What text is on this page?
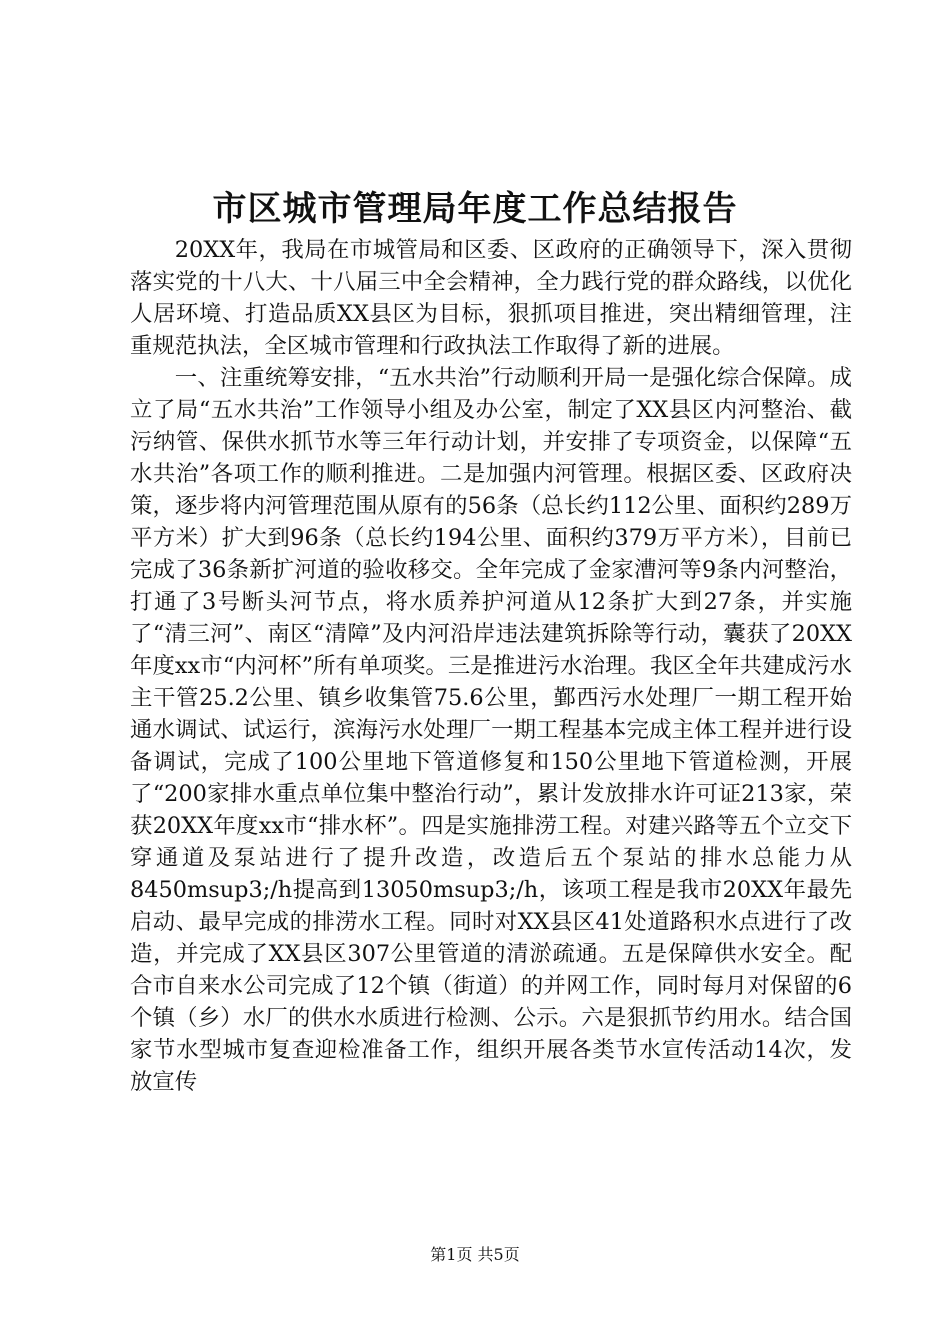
市区城市管理局年度工作总结报告

20XX年，我局在市城管局和区委、区政府的正确领导下，深入贯彻落实党的十八大、十八届三中全会精神，全力践行党的群众路线，以优化人居环境、打造品质XX县区为目标，狠抓项目推进，突出精细管理，注重规范执法，全区城市管理和行政执法工作取得了新的进展。

一、注重统筹安排，“五水共治”行动顺利开局一是强化综合保障。成立了局“五水共治”工作领导小组及办公室，制定了XX县区内河整治、截污纳管、保供水抓节水等三年行动计划，并安排了专项资金，以保障“五水共治”各项工作的顺利推进。二是加强内河管理。根据区委、区政府决策，逐步将内河管理范围从原有的56条（总长约112公里、面积约289万平方米）扩大到96条（总长约194公里、面积约379万平方米），目前已完成了36条新扩河道的验收移交。全年完成了金家漕河等9条内河整治，打通了3号断头河节点，将水质养护河道从12条扩大到27条，并实施了“清三河”、南区“清障”及内河沿岸违法建筑拆除等行动，囊获了20XX年度xx市“内河杯”所有单项奖。三是推进污水治理。我区全年共建成污水主干管25.2公里、镇乡收集管75.6公里，鄞西污水处理厂一期工程开始通水调试、试运行，滨海污水处理厂一期工程基本完成主体工程并进行设备调试，完成了100公里地下管道修复和150公里地下管道检测，开展了“200家排水重点单位集中整治行动”，累计发放排水许可证213家，荣获20XX年度xx市“排水杯”。四是实施排涝工程。对建兴路等五个立交下穿通道及泵站进行了提升改造，改造后五个泵站的排水总能力从8450msup3;/h提高到13050msup3;/h，该项工程是我市20XX年最先启动、最早完成的排涝水工程。同时对XX县区41处道路积水点进行了改造，并完成了XX县区307公里管道的清淤疏通。五是保障供水安全。配合市自来水公司完成了12个镇（街道）的并网工作，同时每月对保留的6个镇（乡）水厂的供水水质进行检测、公示。六是狠抓节约用水。结合国家节水型城市复查迎检准备工作，组织开展各类节水宣传活动14次，发放宣传

第1页 共5页
